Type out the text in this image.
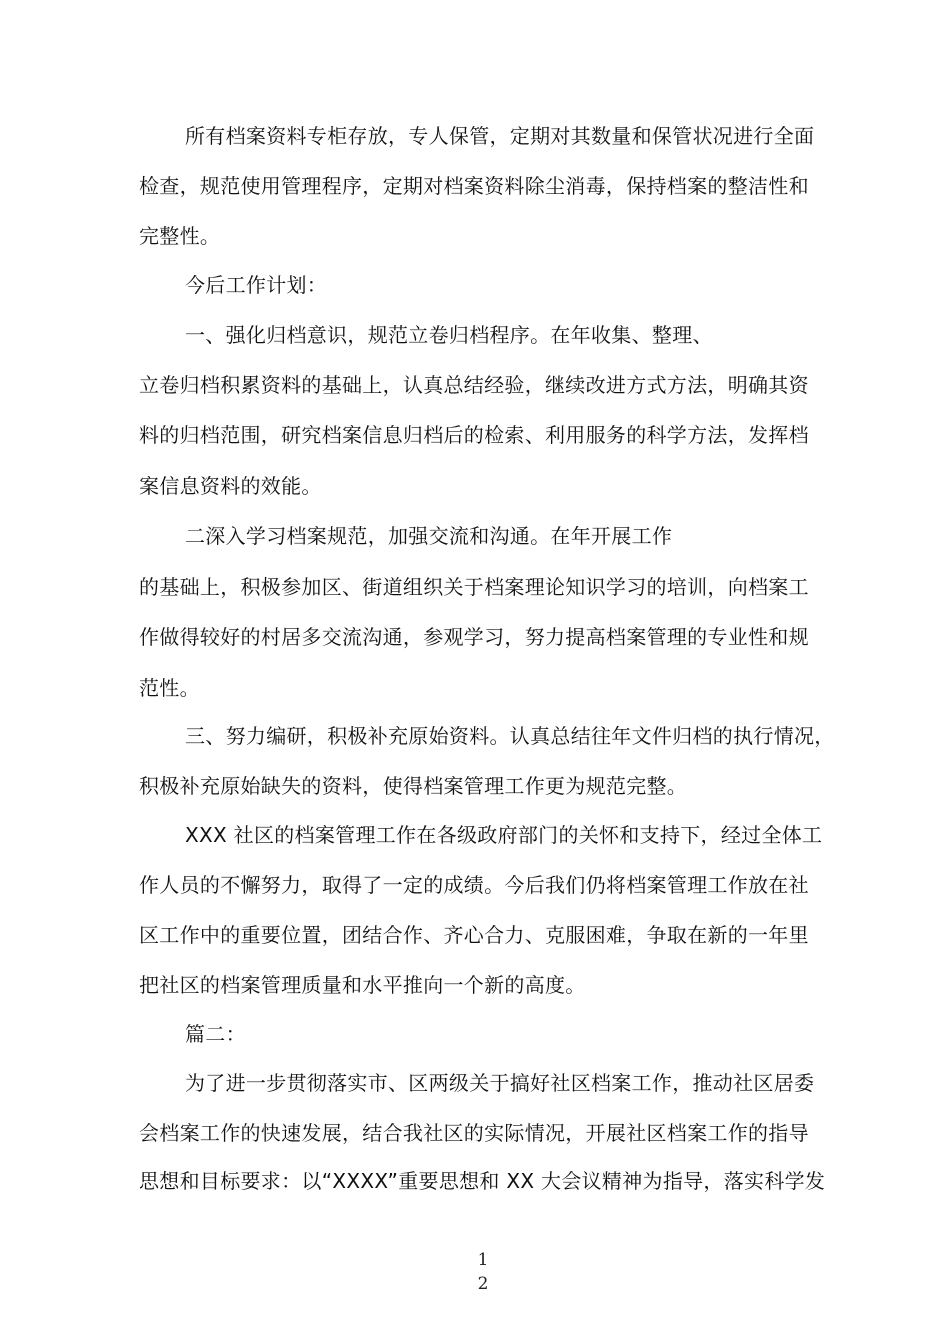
所有档案资料专柜存放，专人保管，定期对其数量和保管状况进行全面
检查，规范使用管理程序，定期对档案资料除尘消毒，保持档案的整洁性和
完整性。
今后工作计划：
一、强化归档意识，规范立卷归档程序。在年收集、整理、
立卷归档积累资料的基础上，认真总结经验，继续改进方式方法，明确其资
料的归档范围，研究档案信息归档后的检索、利用服务的科学方法，发挥档
案信息资料的效能。
二深入学习档案规范，加强交流和沟通。在年开展工作
的基础上，积极参加区、街道组织关于档案理论知识学习的培训，向档案工
作做得较好的村居多交流沟通，参观学习，努力提高档案管理的专业性和规
范性。
三、努力编研，积极补充原始资料。认真总结往年文件归档的执行情况，
积极补充原始缺失的资料，使得档案管理工作更为规范完整。
XXX 社区的档案管理工作在各级政府部门的关怀和支持下，经过全体工
作人员的不懈努力，取得了一定的成绩。今后我们仍将档案管理工作放在社
区工作中的重要位置，团结合作、齐心合力、克服困难，争取在新的一年里
把社区的档案管理质量和水平推向一个新的高度。
篇二：
为了进一步贯彻落实市、区两级关于搞好社区档案工作，推动社区居委
会档案工作的快速发展，结合我社区的实际情况，开展社区档案工作的指导
思想和目标要求：以“XXXX”重要思想和 XX 大会议精神为指导，落实科学发
1
2
